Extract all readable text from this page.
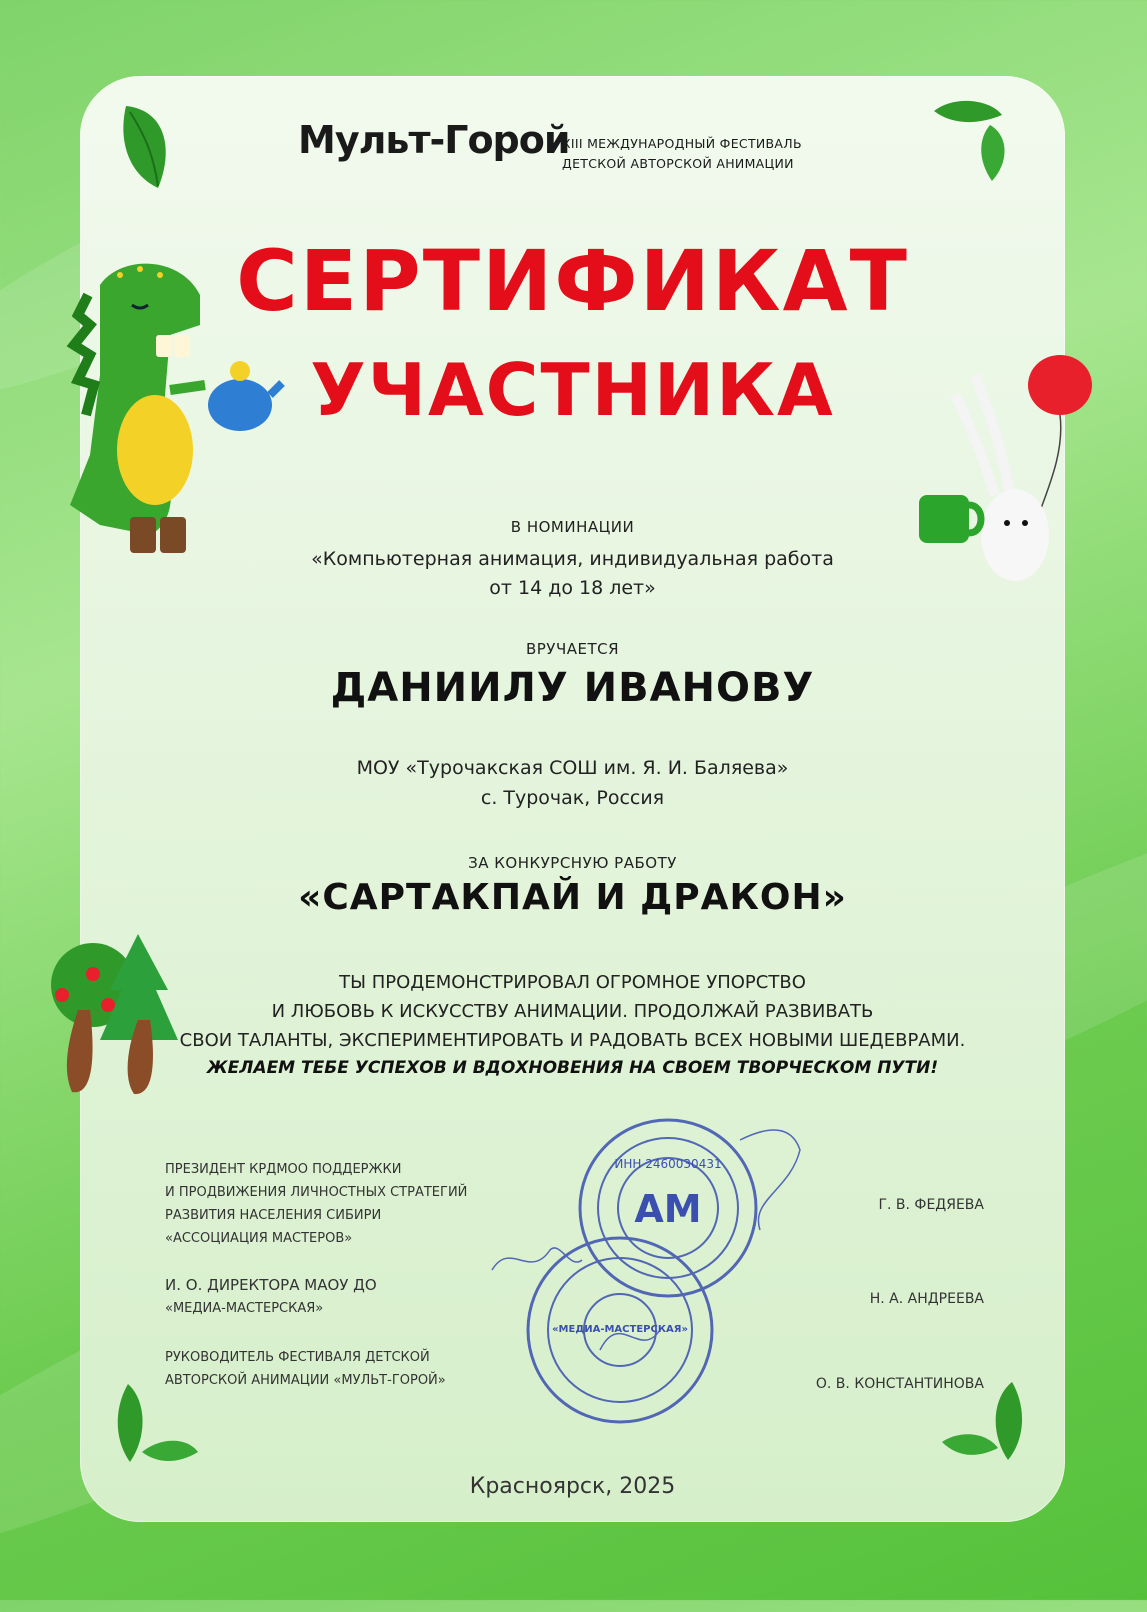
Мульт-Горой
XIII МЕЖДУНАРОДНЫЙ ФЕСТИВАЛЬ
ДЕТСКОЙ АВТОРСКОЙ АНИМАЦИИ
СЕРТИФИКАТ
УЧАСТНИКА
В НОМИНАЦИИ
«Компьютерная анимация, индивидуальная работа
от 14 до 18 лет»
ВРУЧАЕТСЯ
ДАНИИЛУ ИВАНОВУ
МОУ «Турочакская СОШ им. Я. И. Баляева»
с. Турочак, Россия
ЗА КОНКУРСНУЮ РАБОТУ
«САРТАКПАЙ И ДРАКОН»
ТЫ ПРОДЕМОНСТРИРОВАЛ ОГРОМНОЕ УПОРСТВО
И ЛЮБОВЬ К ИСКУССТВУ АНИМАЦИИ. ПРОДОЛЖАЙ РАЗВИВАТЬ
СВОИ ТАЛАНТЫ, ЭКСПЕРИМЕНТИРОВАТЬ И РАДОВАТЬ ВСЕХ НОВЫМИ ШЕДЕВРАМИ.
ЖЕЛАЕМ ТЕБЕ УСПЕХОВ И ВДОХНОВЕНИЯ НА СВОЕМ ТВОРЧЕСКОМ ПУТИ!
ПРЕЗИДЕНТ КРДМОО ПОДДЕРЖКИ
И ПРОДВИЖЕНИЯ ЛИЧНОСТНЫХ СТРАТЕГИЙ
РАЗВИТИЯ НАСЕЛЕНИЯ СИБИРИ
«АССОЦИАЦИЯ МАСТЕРОВ»
И. О. ДИРЕКТОРА МАОУ ДО
«МЕДИА-МАСТЕРСКАЯ»
РУКОВОДИТЕЛЬ ФЕСТИВАЛЯ ДЕТСКОЙ
АВТОРСКОЙ АНИМАЦИИ «МУЛЬТ-ГОРОЙ»
Г. В. ФЕДЯЕВА
Н. А. АНДРЕЕВА
О. В. КОНСТАНТИНОВА
АМ
ИНН 2460030431
«МЕДИА-МАСТЕРСКАЯ»
Красноярск, 2025
